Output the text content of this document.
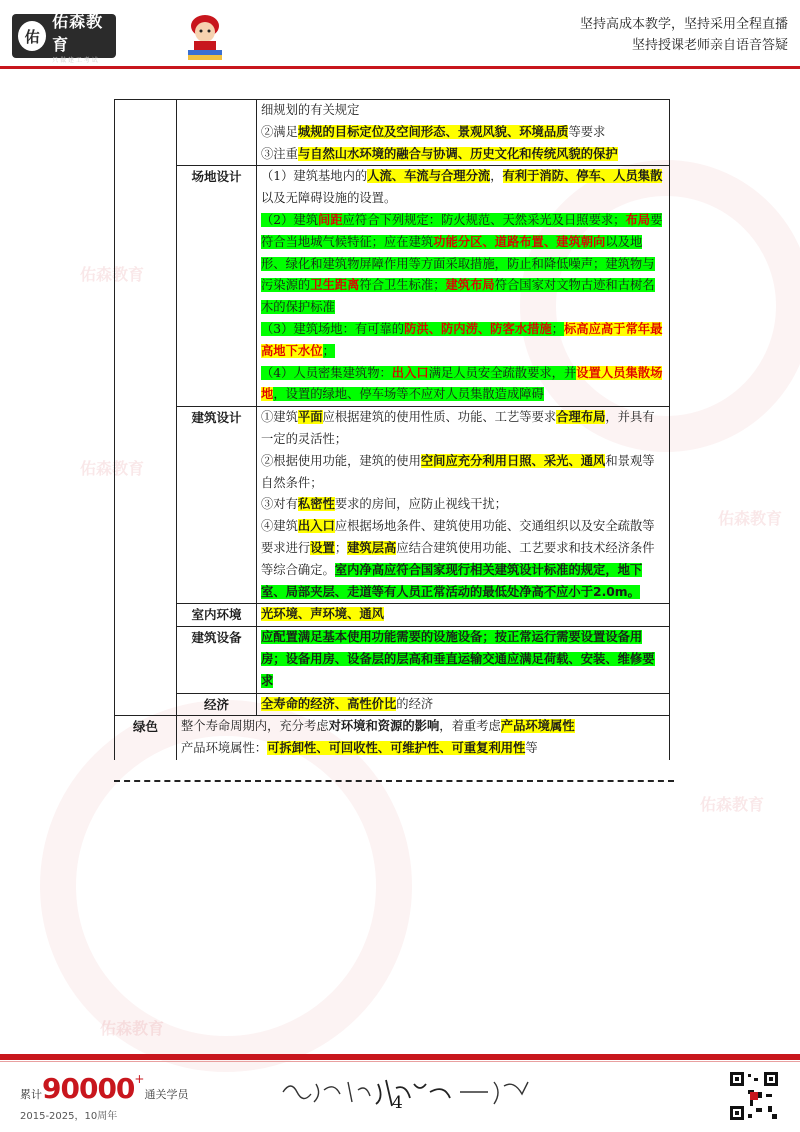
佑
佑森教育
只 做 建 工 考 试
坚持高成本教学，坚持采用全程直播
坚持授课老师亲自语音答疑
佑森教育
佑森教育
佑森教育
佑森教育
佑森教育

		细规划的有关规定
②满足城规的目标定位及空间形态、景观风貌、环境品质等要求
③注重与自然山水环境的融合与协调、历史文化和传统风貌的保护

	场地设计	（1）建筑基地内的人流、车流与合理分流，有利于消防、停车、人员集散以及无障碍设施的设置。
（2）建筑间距应符合下列规定：防火规范、天然采光及日照要求；布局要符合当地城气候特征；应在建筑功能分区、道路布置、建筑朝向以及地形、绿化和建筑物屏障作用等方面采取措施，防止和降低噪声；建筑物与污染源的卫生距离符合卫生标准；建筑布局符合国家对文物古迹和古树名木的保护标准
（3）建筑场地：有可靠的防洪、防内涝、防客水措施；标高应高于常年最高地下水位；
（4）人员密集建筑物：出入口满足人员安全疏散要求，并设置人员集散场地，设置的绿地、停车场等不应对人员集散造成障碍

	建筑设计	①建筑平面应根据建筑的使用性质、功能、工艺等要求合理布局，并具有一定的灵活性；
②根据使用功能，建筑的使用空间应充分利用日照、采光、通风和景观等自然条件；
③对有私密性要求的房间，应防止视线干扰；
④建筑出入口应根据场地条件、建筑使用功能、交通组织以及安全疏散等要求进行设置；建筑层高应结合建筑使用功能、工艺要求和技术经济条件等综合确定。室内净高应符合国家现行相关建筑设计标准的规定，地下室、局部夹层、走道等有人员正常活动的最低处净高不应小于2.0m。

	室内环境	光环境、声环境、通风

	建筑设备	应配置满足基本使用功能需要的设施设备；按正常运行需要设置设备用房；设备用房、设备层的层高和垂直运输交通应满足荷载、安装、维修要求

	经济	全寿命的经济、高性价比的经济

绿色	整个寿命周期内，充分考虑对环境和资源的影响，着重考虑产品环境属性
产品环境属性：可拆卸性、可回收性、可维护性、可重复利用性等	
累计90000+通关学员
2015-2025，10周年
4
